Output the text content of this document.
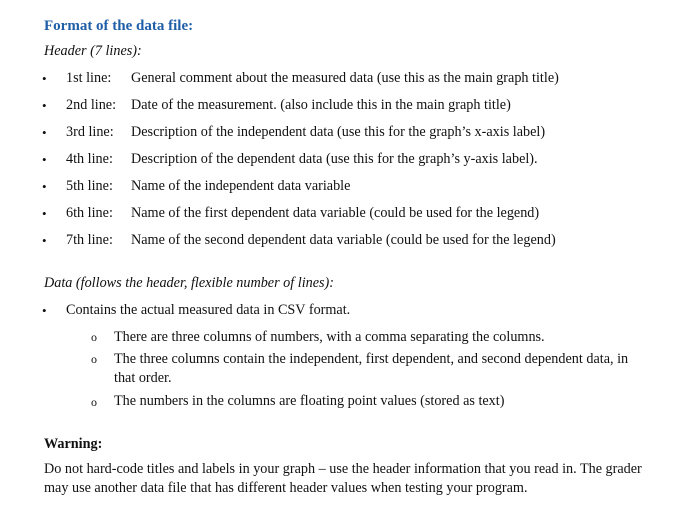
Format of the data file:
Header (7 lines):
• 1st line: General comment about the measured data (use this as the main graph title)
• 2nd line: Date of the measurement. (also include this in the main graph title)
• 3rd line: Description of the independent data (use this for the graph’s x-axis label)
• 4th line: Description of the dependent data (use this for the graph’s y-axis label).
• 5th line: Name of the independent data variable
• 6th line: Name of the first dependent data variable (could be used for the legend)
• 7th line: Name of the second dependent data variable (could be used for the legend)
Data (follows the header, flexible number of lines):
• Contains the actual measured data in CSV format.
o There are three columns of numbers, with a comma separating the columns.
o The three columns contain the independent, first dependent, and second dependent data, in that order.
o The numbers in the columns are floating point values (stored as text)
Warning:
Do not hard-code titles and labels in your graph – use the header information that you read in. The grader may use another data file that has different header values when testing your program.
